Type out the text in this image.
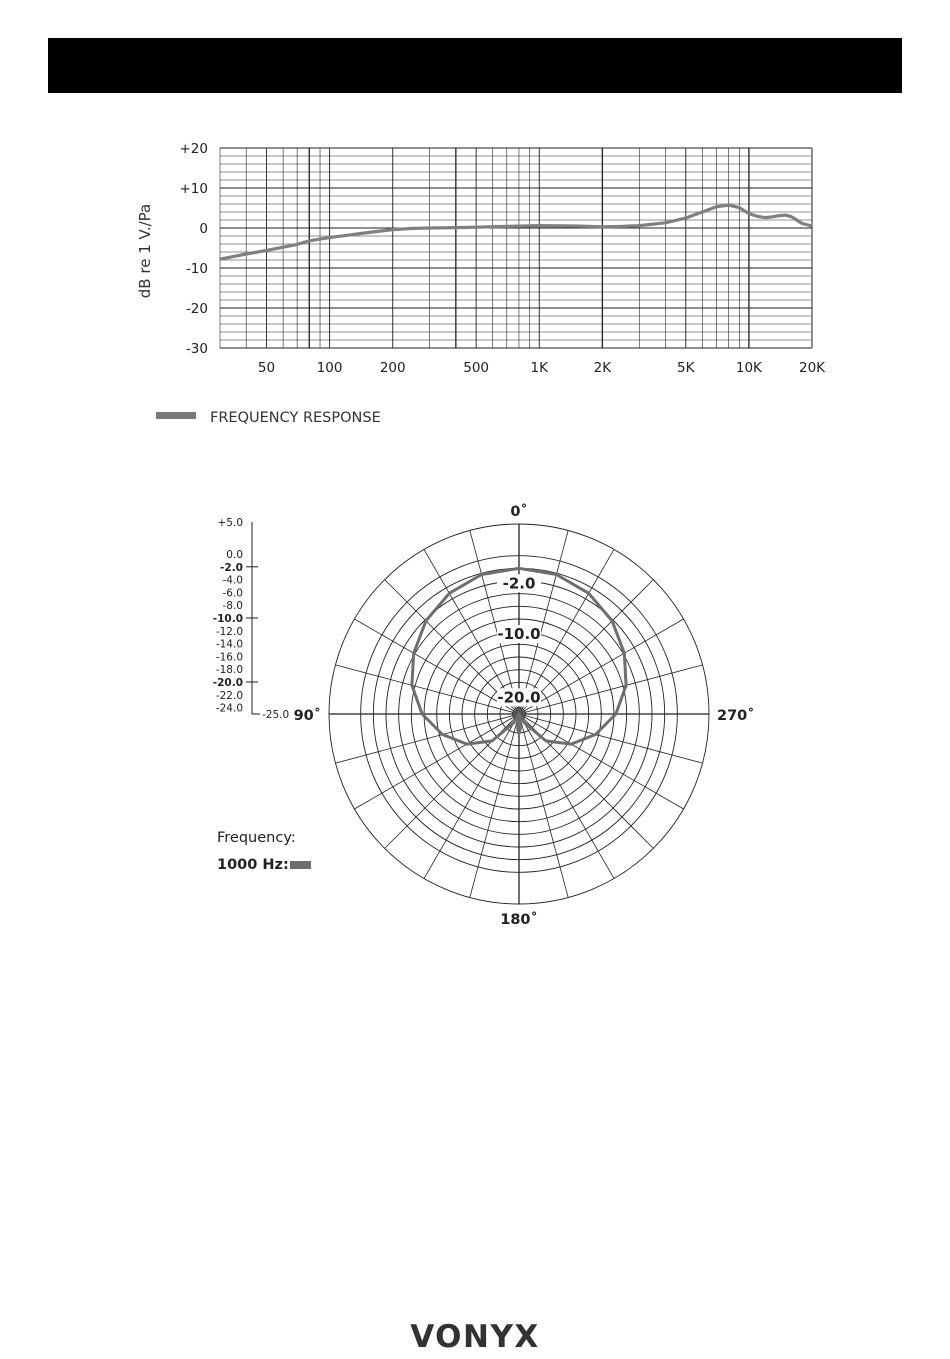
+20
+10
0
-10
-20
-30
50	100	200	500	1K	2K	5K	10K	20K
dB re 1 V./Pa
FREQUENCY RESPONSE
+5.0
0.0
-2.0
-4.0
-6.0
-8.0
-10.0
-12.0
-14.0
-16.0
-18.0
-20.0
-22.0
-24.0
-25.0
-2.0
-10.0
-20.0
0˚
90˚
180˚
270˚
Frequency:
1000 Hz:
VONYX
